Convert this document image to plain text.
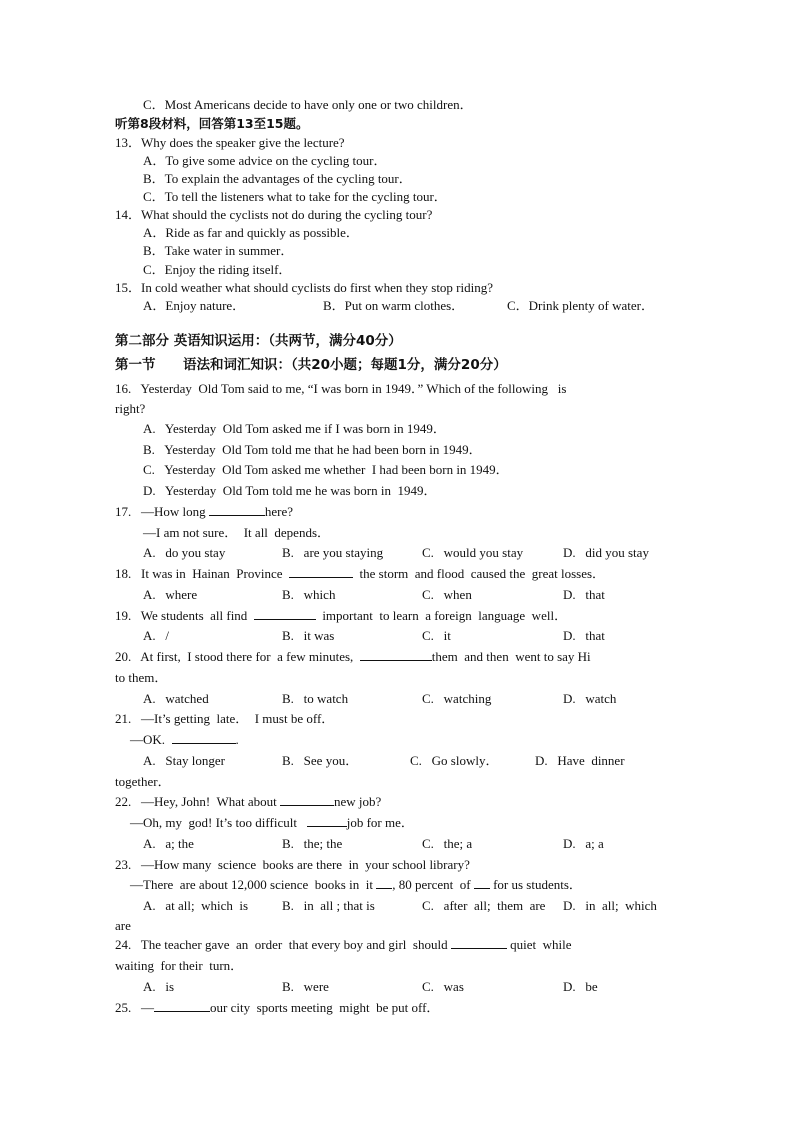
C．Most Americans decide to have only one or two children．
听第8段材料，回答第13至15题。
13．Why does the speaker give the lecture?
A．To give some advice on the cycling tour．
B．To explain the advantages of the cycling tour．
C．To tell the listeners what to take for the cycling tour．
14．What should the cyclists not do during the cycling tour?
A．Ride as far and quickly as possible．
B．Take water in summer．
C．Enjoy the riding itself．
15．In cold weather what should cyclists do first when they stop riding?
A．Enjoy nature．	B．Put on warm clothes．	C．Drink plenty of water．
第二部分 英语知识运用：（共两节，满分40分）
第一节 语法和词汇知识：（共20小题；每题1分，满分20分）
16.   Yesterday  Old Tom said to me, “I was born in 1949．” Which of the following   is
right?
A.   Yesterday  Old Tom asked me if I was born in 1949．
B.   Yesterday  Old Tom told me that he had been born in 1949．
C.   Yesterday  Old Tom asked me whether  I had been born in 1949．
D.   Yesterday  Old Tom told me he was born in  1949．
17. —How long	here?
—I am not sure．  It all  depends．
A.   do you stay	B.   are you staying	C.   would you stay	D.   did you stay
18.   It was in  Hainan  Province	the storm  and flood  caused the  great losses．
A.   where	B.   which	C.   when	D.   that
19.   We students  all find	important  to learn  a foreign  language  well．
A.   /	B.   it was	C.   it	D.   that
20.   At first,  I stood there for  a few minutes,	them  and then  went to say Hi
to them．
A.   watched	B.   to watch	C.   watching	D.   watch
21.   —It’s getting  late．  I must be off．
—OK.	.
A.   Stay longer	B.   See you．	C.   Go slowly．	D.   Have  dinner
together．
22.   —Hey, John!  What about	new job?
—Oh, my  god! It’s too difficult	job for me．
A.   a; the	B.   the; the	C.   the; a	D.   a; a
23.   —How many  science  books are there  in  your school library?
—There  are about 12,000 science  books in  it , 80 percent  of for us students．
A.   at all;  which  is	B.   in  all ; that is	C.   after  all;  them  are D.   in  all;  which
are
24.   The teacher gave  an  order  that every boy and girl  should	quiet  while
waiting  for their  turn．
A.   is	B.   were	C.   was	D.   be
25.   —	our city  sports meeting  might  be put off．
